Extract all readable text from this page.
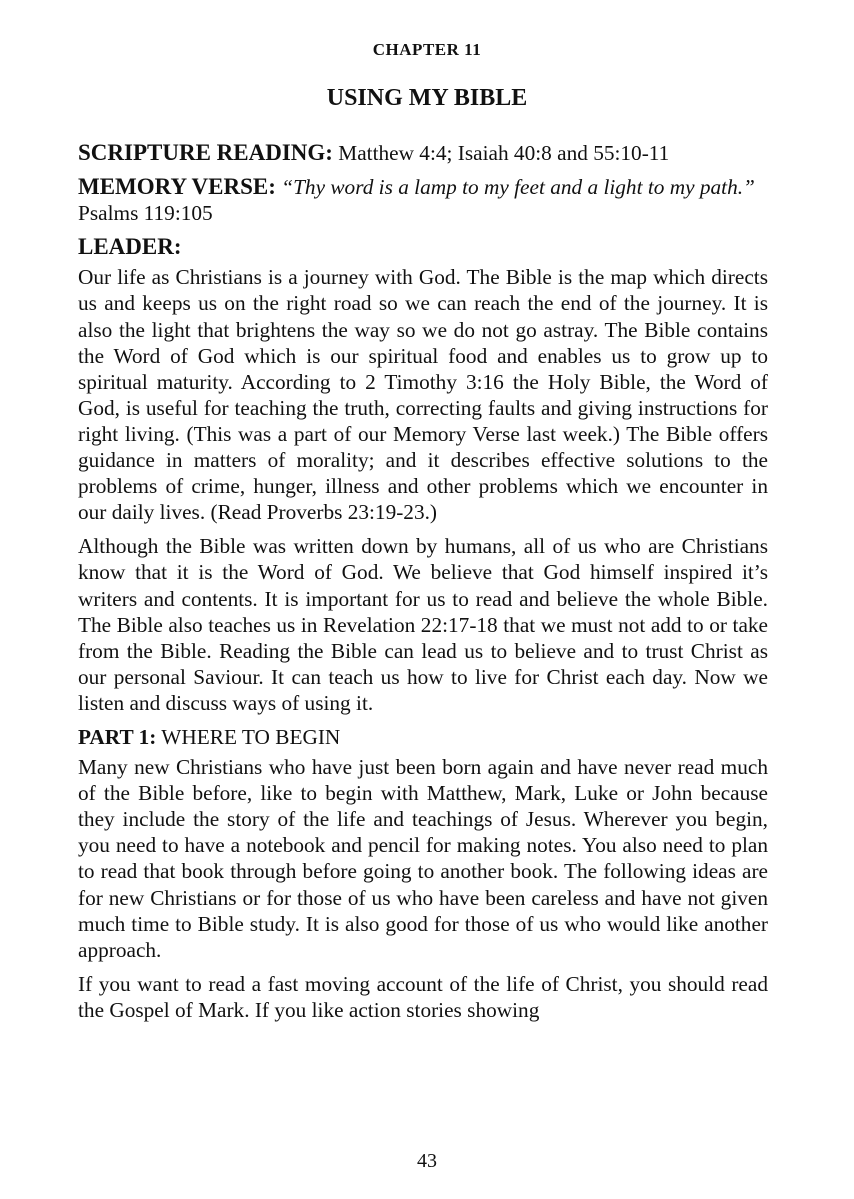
CHAPTER 11
USING MY BIBLE

SCRIPTURE READING: Matthew 4:4; Isaiah 40:8 and 55:10-11

MEMORY VERSE: “Thy word is a lamp to my feet and a light to my path.” Psalms 119:105

LEADER:

Our life as Christians is a journey with God. The Bible is the map which directs us and keeps us on the right road so we can reach the end of the journey. It is also the light that brightens the way so we do not go astray. The Bible contains the Word of God which is our spiritual food and enables us to grow up to spiritual maturity. According to 2 Timothy 3:16 the Holy Bible, the Word of God, is useful for teaching the truth, correcting faults and giving instructions for right living. (This was a part of our Memory Verse last week.) The Bible offers guidance in matters of morality; and it describes effective solutions to the problems of crime, hunger, illness and other problems which we encounter in our daily lives. (Read Proverbs 23:19-23.)

Although the Bible was written down by humans, all of us who are Christians know that it is the Word of God. We believe that God himself inspired it’s writers and contents. It is important for us to read and believe the whole Bible. The Bible also teaches us in Revelation 22:17-18 that we must not add to or take from the Bible. Reading the Bible can lead us to believe and to trust Christ as our personal Saviour. It can teach us how to live for Christ each day. Now we listen and discuss ways of using it.

PART 1: WHERE TO BEGIN

Many new Christians who have just been born again and have never read much of the Bible before, like to begin with Matthew, Mark, Luke or John because they include the story of the life and teachings of Jesus. Wherever you begin, you need to have a notebook and pencil for making notes. You also need to plan to read that book through before going to another book. The following ideas are for new Christians or for those of us who have been careless and have not given much time to Bible study. It is also good for those of us who would like another approach.

If you want to read a fast moving account of the life of Christ, you should read the Gospel of Mark. If you like action stories showing

43
